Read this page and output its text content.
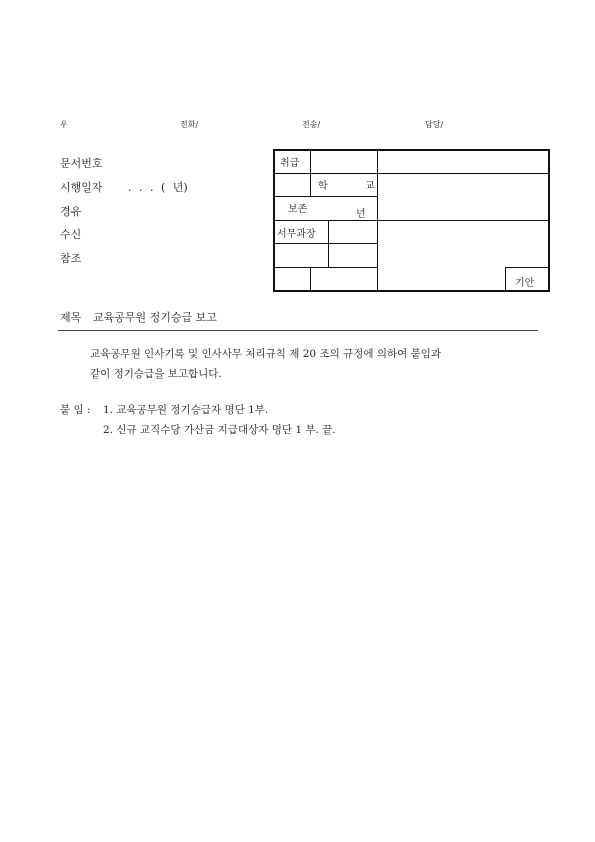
우	전화/	전송/	담당/
문서번호
시행일자 . . . ( 년)
경유
수신
참조
취급
학	교
보존	년
서무과장
기안
제목 교육공무원 정기승급 보고
교육공무원 인사기록 및 인사사무 처리규칙 제 20 조의 규정에 의하여 붙임과
같이 정기승급을 보고합니다.
붙 임 : 1. 교육공무원 정기승급자 명단 1부.
2. 신규 교직수당 가산금 지급대상자 명단 1 부. 끝.
